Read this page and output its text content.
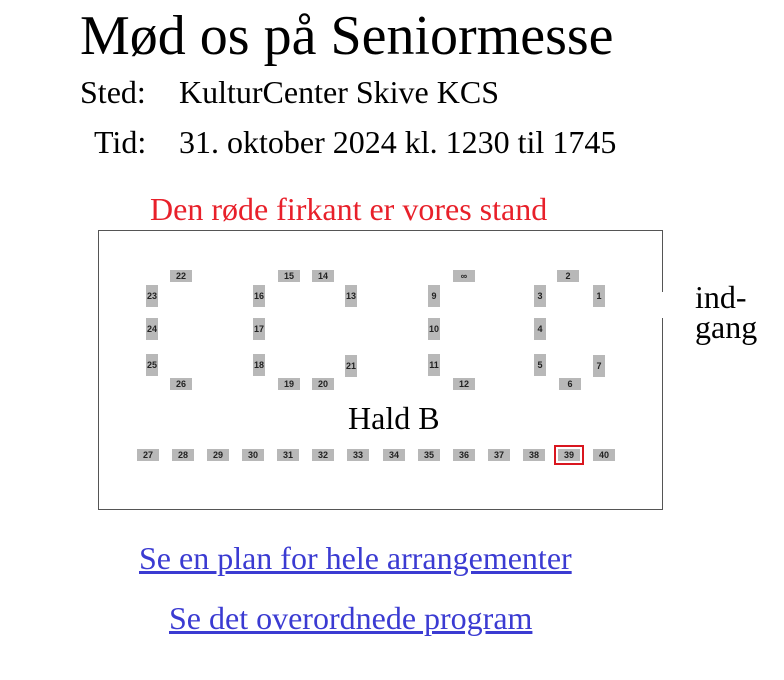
Mød os på Seniormesse
Sted: KulturCenter Skive KCS
Tid: 31. oktober 2024 kl. 1230 til 1745
Den røde firkant er vores stand
ind-
gang
Hald B
1
2
3
4
5
6
7
∞
9
10
11
12
13
14
15
16
17
18
19	20
21
22
23
24
25
26
27	28	29	30	31	32	33	34	35	36	37	38	39	40
Se en plan for hele arrangementer
Se det overordnede program
